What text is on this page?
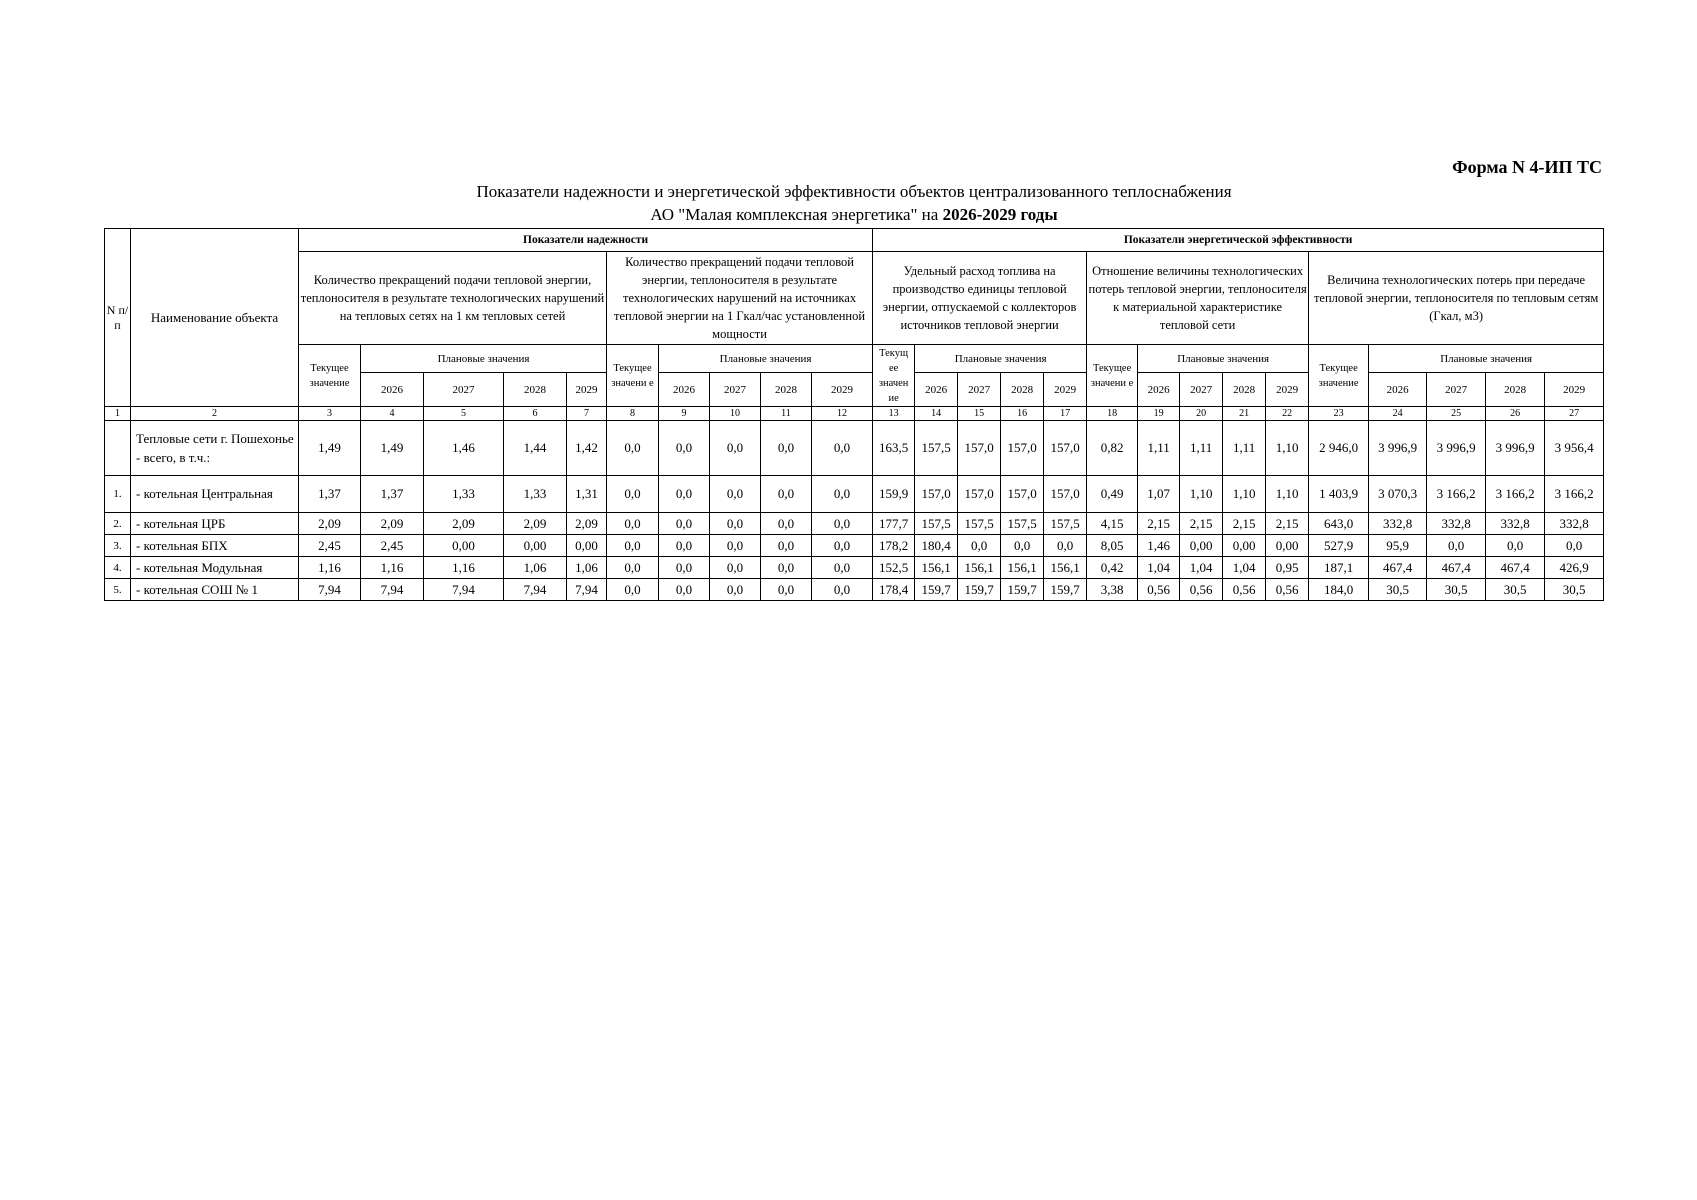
Форма N 4-ИП ТС
Показатели надежности и энергетической эффективности объектов централизованного теплоснабжения
АО "Малая комплексная энергетика" на 2026-2029 годы
N п/п	Наименование объекта	Показатели надежности										Показатели энергетической эффективности														
		Количество прекращений подачи тепловой энергии, теплоносителя в результате технологических нарушений на тепловых сетях на 1 км тепловых сетей					Количество прекращений подачи тепловой энергии, теплоносителя в результате технологических нарушений на источниках тепловой энергии на 1 Гкал/час установленной мощности					Удельный расход топлива на производство единицы тепловой энергии, отпускаемой с коллекторов источников тепловой энергии					Отношение величины технологических потерь тепловой энергии, теплоносителя к материальной характеристике тепловой сети					Величина технологических потерь при передаче тепловой энергии, теплоносителя по тепловым сетям (Гкал, м3)				
		Текущее значение	Плановые значения				Текущее значени е	Плановые значения				Текущ ее значен ие	Плановые значения				Текущее значени е	Плановые значения				Текущее значение	Плановые значения			
			2026	2027	2028	2029		2026	2027	2028	2029		2026	2027	2028	2029		2026	2027	2028	2029		2026	2027	2028	2029
1	2	3	4	5	6	7	8	9	10	11	12	13	14	15	16	17	18	19	20	21	22	23	24	25	26	27
	Тепловые сети г. Пошехонье - всего, в т.ч.:	1,49	1,49	1,46	1,44	1,42	0,0	0,0	0,0	0,0	0,0	163,5	157,5	157,0	157,0	157,0	0,82	1,11	1,11	1,11	1,10	2 946,0	3 996,9	3 996,9	3 996,9	3 956,4
1.	- котельная Центральная	1,37	1,37	1,33	1,33	1,31	0,0	0,0	0,0	0,0	0,0	159,9	157,0	157,0	157,0	157,0	0,49	1,07	1,10	1,10	1,10	1 403,9	3 070,3	3 166,2	3 166,2	3 166,2
2.	- котельная ЦРБ	2,09	2,09	2,09	2,09	2,09	0,0	0,0	0,0	0,0	0,0	177,7	157,5	157,5	157,5	157,5	4,15	2,15	2,15	2,15	2,15	643,0	332,8	332,8	332,8	332,8
3.	- котельная БПХ	2,45	2,45	0,00	0,00	0,00	0,0	0,0	0,0	0,0	0,0	178,2	180,4	0,0	0,0	0,0	8,05	1,46	0,00	0,00	0,00	527,9	95,9	0,0	0,0	0,0
4.	- котельная Модульная	1,16	1,16	1,16	1,06	1,06	0,0	0,0	0,0	0,0	0,0	152,5	156,1	156,1	156,1	156,1	0,42	1,04	1,04	1,04	0,95	187,1	467,4	467,4	467,4	426,9
5.	- котельная СОШ № 1	7,94	7,94	7,94	7,94	7,94	0,0	0,0	0,0	0,0	0,0	178,4	159,7	159,7	159,7	159,7	3,38	0,56	0,56	0,56	0,56	184,0	30,5	30,5	30,5	30,5
